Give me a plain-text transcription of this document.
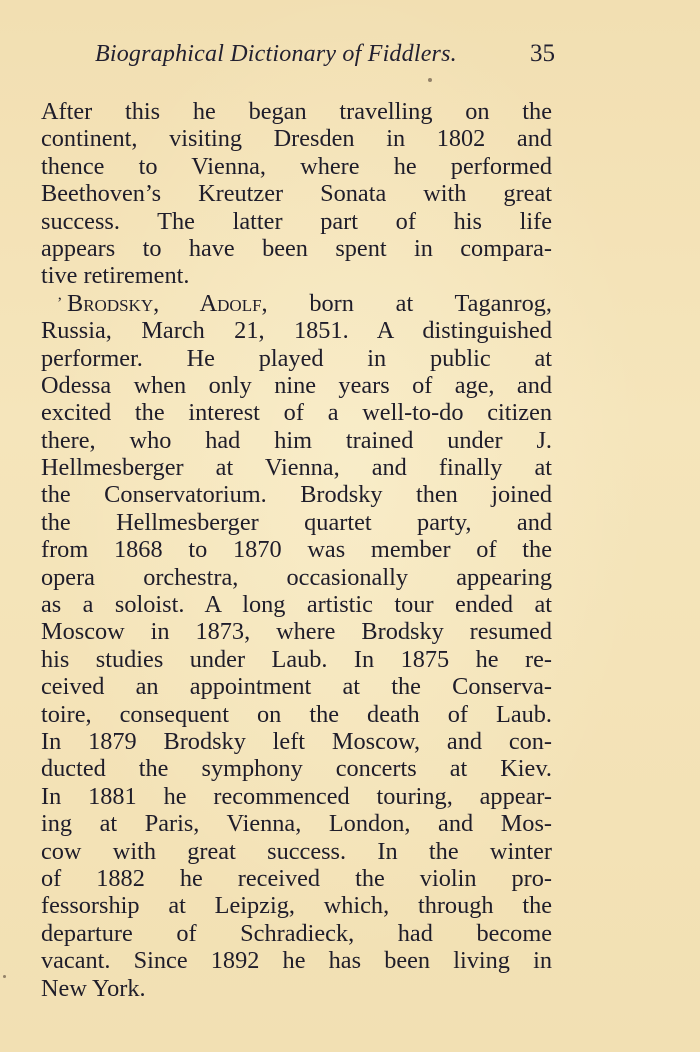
Biographical Dictionary of Fiddlers.	35
After this he began travelling on the
continent, visiting Dresden in 1802 and
thence to Vienna, where he performed
Beethoven’s Kreutzer Sonata with great
success. The latter part of his life
appears to have been spent in compara-
tive retirement.
’ Brodsky, Adolf, born at Taganrog,
Russia, March 21, 1851. A distinguished
performer. He played in public at
Odessa when only nine years of age, and
excited the interest of a well-to-do citizen
there, who had him trained under J.
Hellmesberger at Vienna, and finally at
the Conservatorium. Brodsky then joined
the Hellmesberger quartet party, and
from 1868 to 1870 was member of the
opera orchestra, occasionally appearing
as a soloist. A long artistic tour ended at
Moscow in 1873, where Brodsky resumed
his studies under Laub. In 1875 he re-
ceived an appointment at the Conserva-
toire, consequent on the death of Laub.
In 1879 Brodsky left Moscow, and con-
ducted the symphony concerts at Kiev.
In 1881 he recommenced touring, appear-
ing at Paris, Vienna, London, and Mos-
cow with great success. In the winter
of 1882 he received the violin pro-
fessorship at Leipzig, which, through the
departure of Schradieck, had become
vacant. Since 1892 he has been living in
New York.
